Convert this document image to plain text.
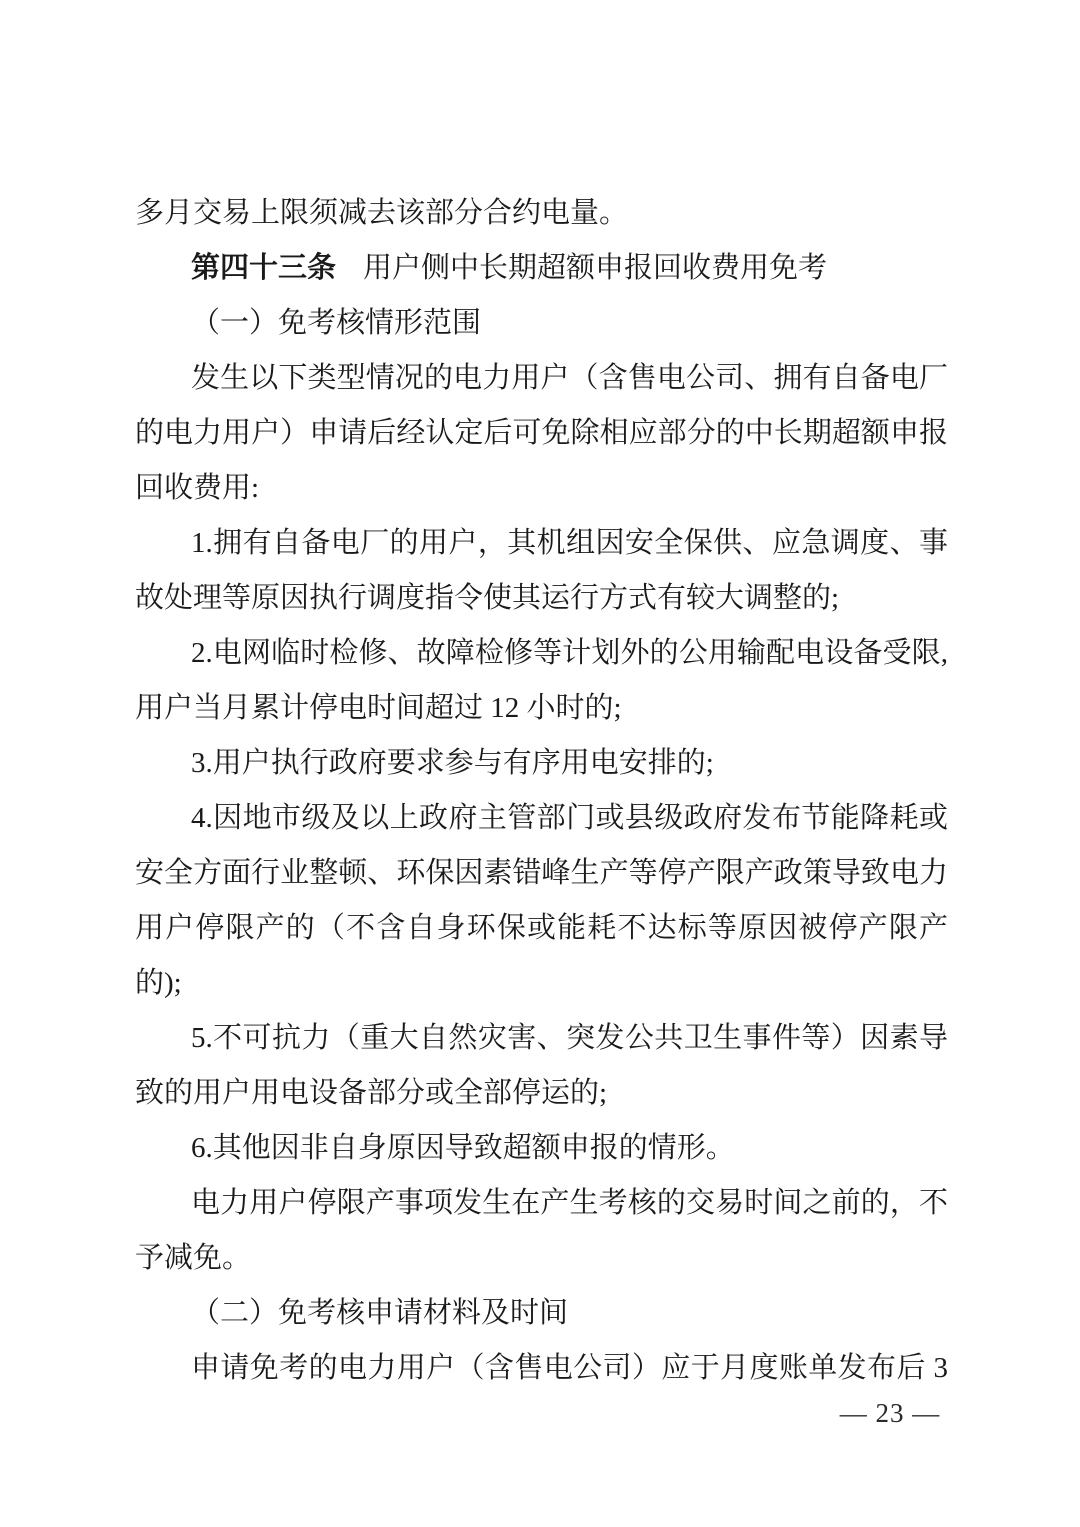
多月交易上限须减去该部分合约电量。
第四十三条 用户侧中长期超额申报回收费用免考
（一）免考核情形范围
发生以下类型情况的电力用户（含售电公司、拥有自备电厂
的电力用户）申请后经认定后可免除相应部分的中长期超额申报
回收费用:
1.拥有自备电厂的用户，其机组因安全保供、应急调度、事
故处理等原因执行调度指令使其运行方式有较大调整的;
2.电网临时检修、故障检修等计划外的公用输配电设备受限,
用户当月累计停电时间超过 12 小时的;
3.用户执行政府要求参与有序用电安排的;
4.因地市级及以上政府主管部门或县级政府发布节能降耗或
安全方面行业整顿、环保因素错峰生产等停产限产政策导致电力
用户停限产的（不含自身环保或能耗不达标等原因被停产限产
的);
5.不可抗力（重大自然灾害、突发公共卫生事件等）因素导
致的用户用电设备部分或全部停运的;
6.其他因非自身原因导致超额申报的情形。
电力用户停限产事项发生在产生考核的交易时间之前的，不
予减免。
（二）免考核申请材料及时间
申请免考的电力用户（含售电公司）应于月度账单发布后 3
— 23 —
